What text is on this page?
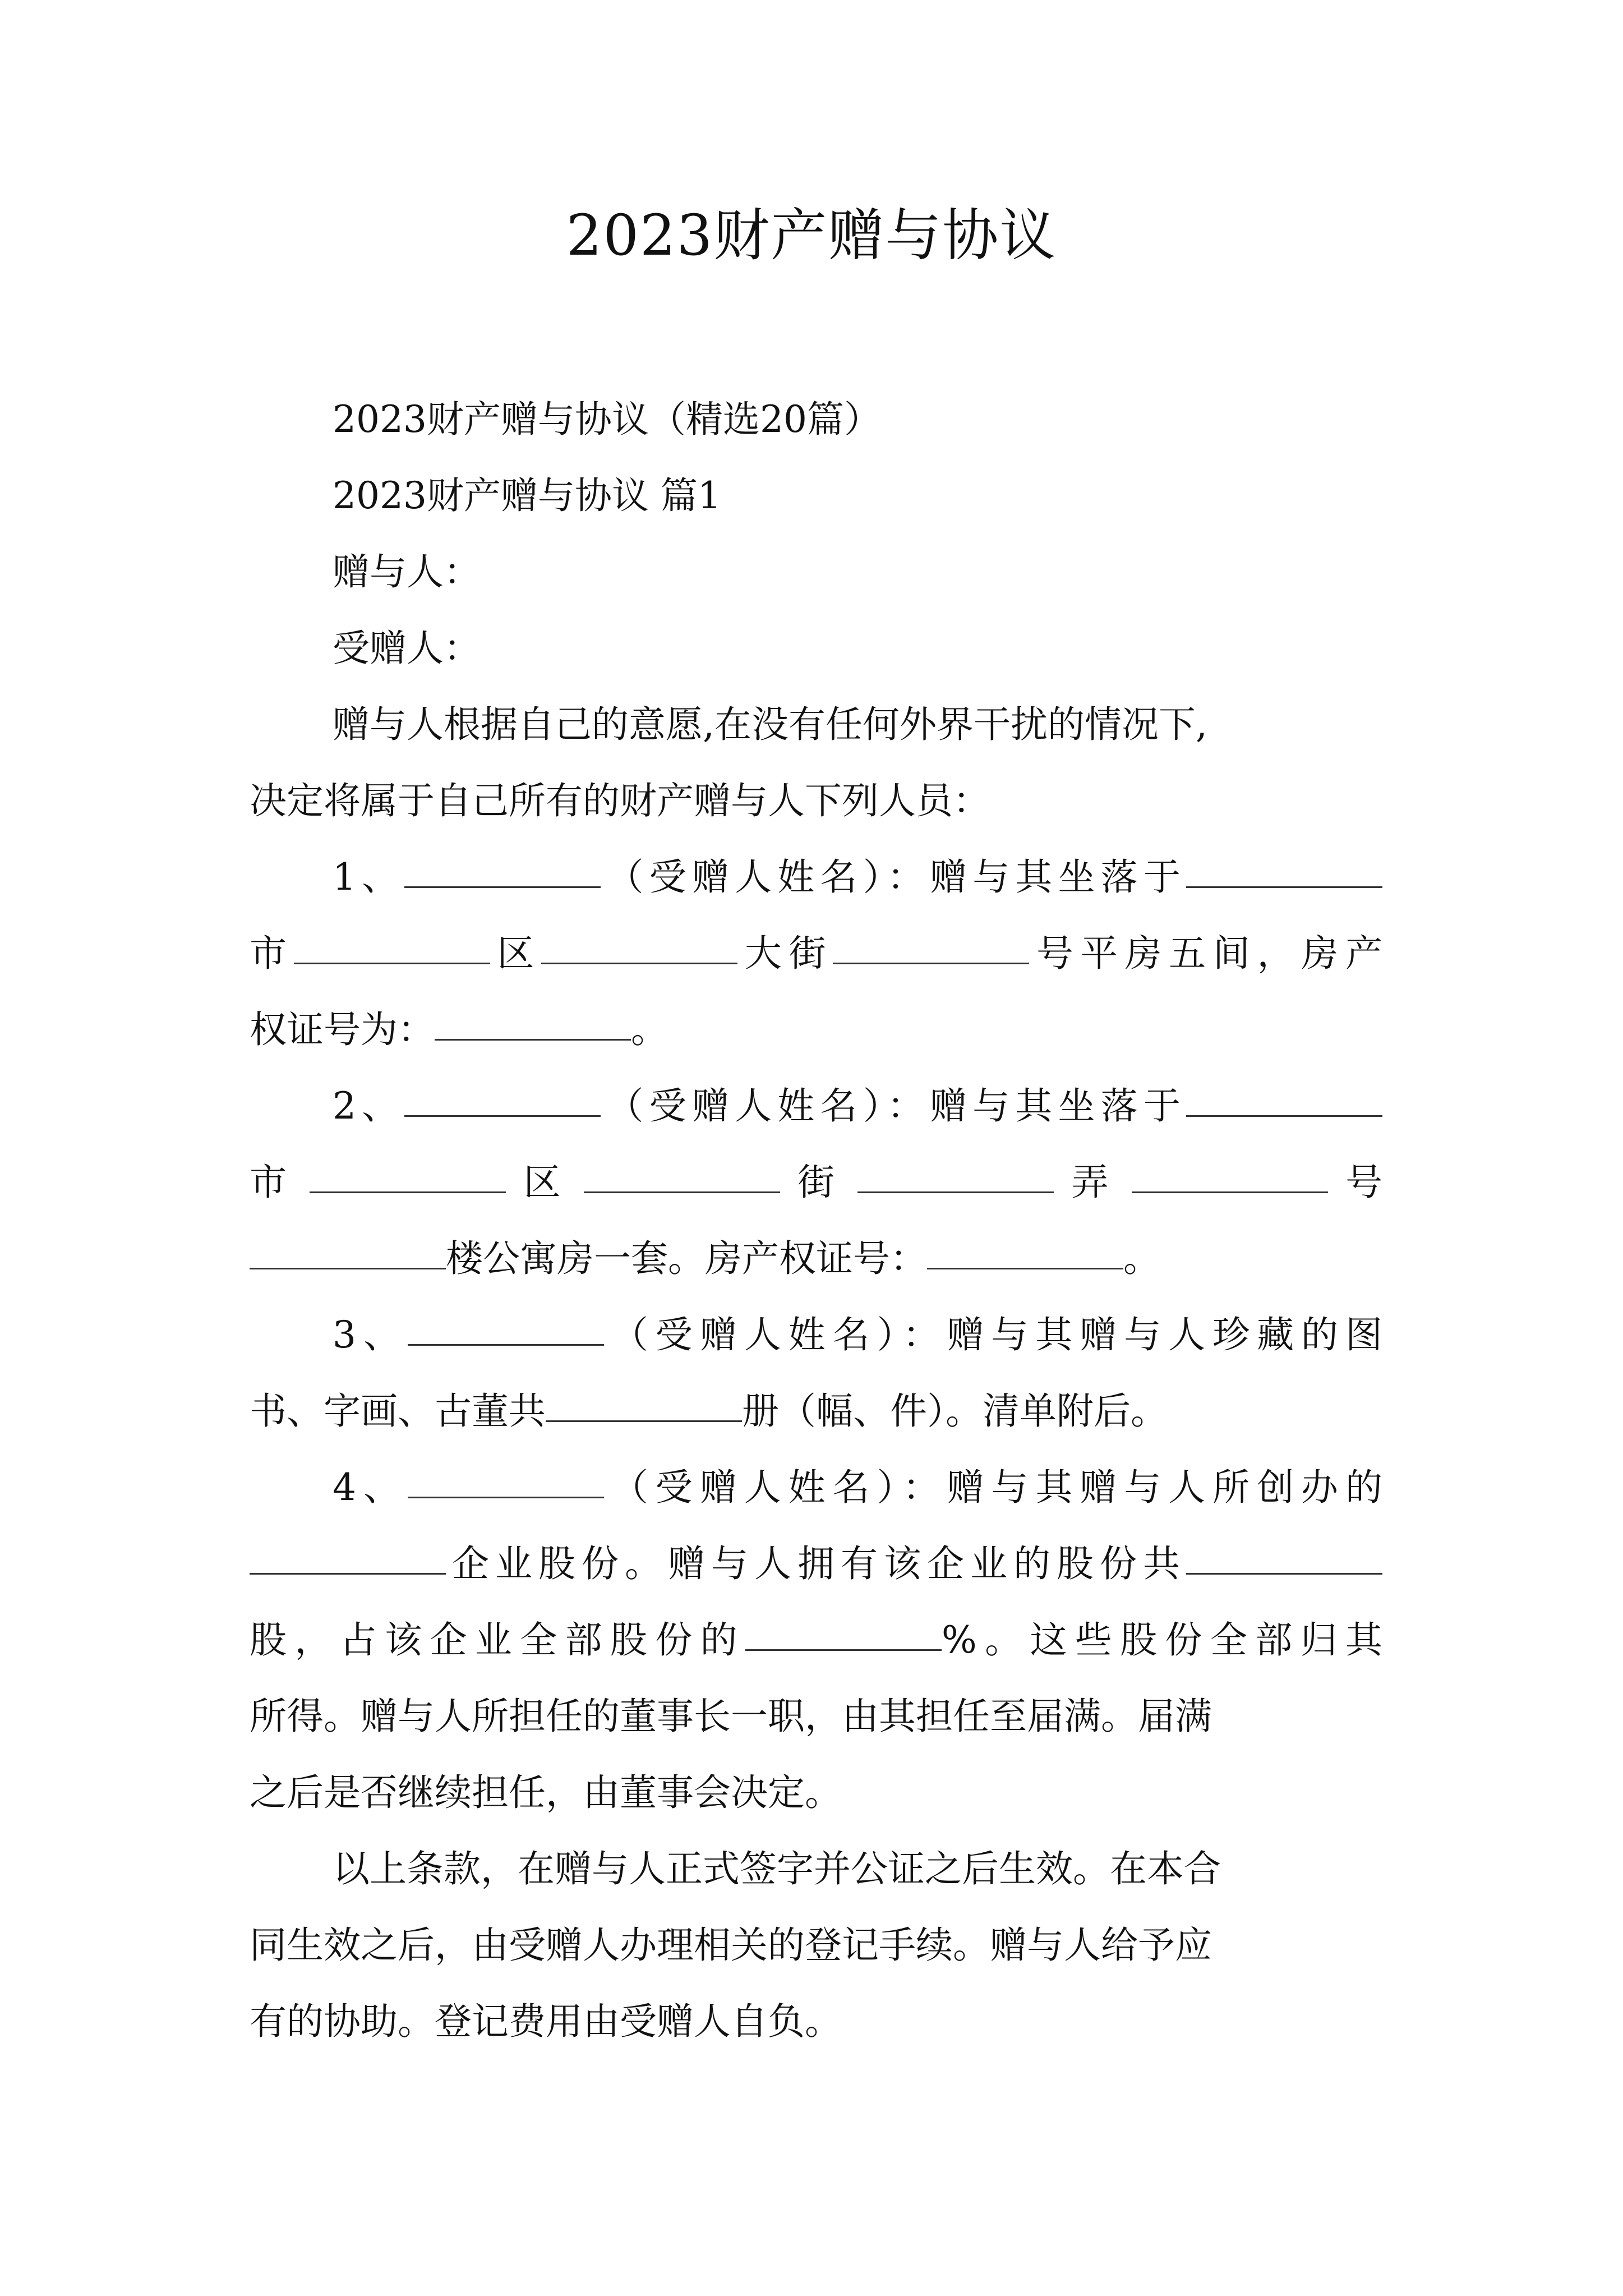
2023财产赠与协议
2023财产赠与协议（精选20篇）
2023财产赠与协议 篇1
赠与人：
受赠人：
赠与人根据自己的意愿,在没有任何外界干扰的情况下,
决定将属于自己所有的财产赠与人下列人员：
1、	（受赠人姓名）：赠与其坐落于
市	区	大街	号平房五间，房产
权证号为：	。
2、	（受赠人姓名）：赠与其坐落于
市	区	街	弄	号
楼公寓房一套。房产权证号：	。
3、	（受赠人姓名）：赠与其赠与人珍藏的图
书、字画、古董共	册（幅、件）。清单附后。
4、	（受赠人姓名）：赠与其赠与人所创办的
企业股份。赠与人拥有该企业的股份共
股，占该企业全部股份的	%。这些股份全部归其
所得。赠与人所担任的董事长一职，由其担任至届满。届满
之后是否继续担任，由董事会决定。
以上条款，在赠与人正式签字并公证之后生效。在本合
同生效之后，由受赠人办理相关的登记手续。赠与人给予应
有的协助。登记费用由受赠人自负。
